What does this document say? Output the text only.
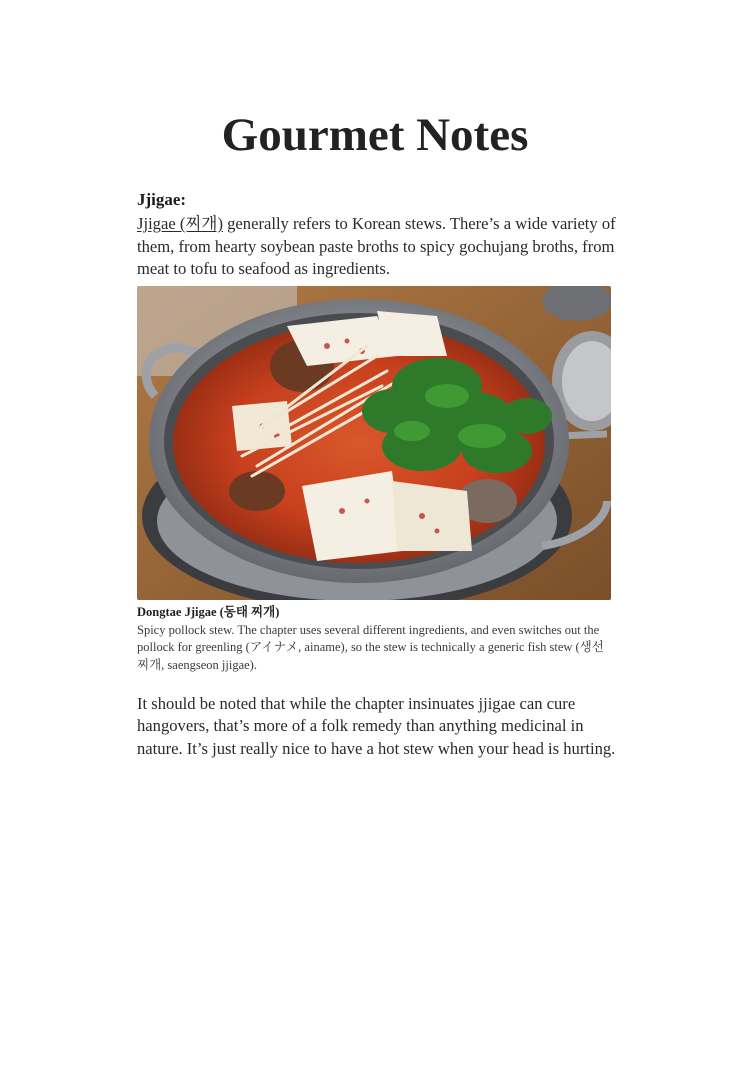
Gourmet Notes

Jjigae:

Jjigae (찌개) generally refers to Korean stews. There’s a wide variety of them, from hearty soybean paste broths to spicy gochujang broths, from meat to tofu to seafood as ingredients.

Dongtae Jjigae (동태 찌개)

Spicy pollock stew. The chapter uses several different ingredients, and even switches out the pollock for greenling (アイナメ, ainame), so the stew is technically a generic fish stew (생선 찌개, saengseon jjigae).

It should be noted that while the chapter insinuates jjigae can cure hangovers, that’s more of a folk remedy than anything medicinal in nature. It’s just really nice to have a hot stew when your head is hurting.
